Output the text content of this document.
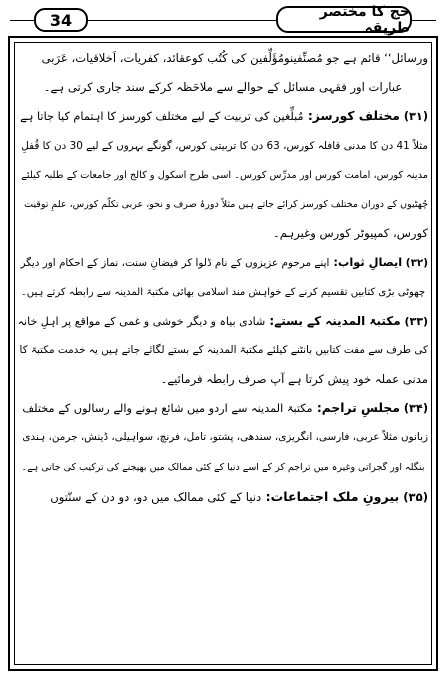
34	حج کا مختصر طریقہ
ورسائل‘‘ قائم ہے جو مُصنِّفینومُؤَلِّفین کی کُتُب کوعقائد، کفریات، اَخلاقیات، عَرَبی
عبارات اور فقہی مسائل کے حوالے سے ملاحَظہ کرکے سند جاری کرتی ہے۔
(۳۱) مختلف کورسز: مُبلِّغین کی تربیت کے لیے مختلف کورسز کا اہتمام کیا جاتا ہے
مثلاً 41 دن کا مدنی قافلہ کورس، 63 دن کا تربیتی کورس، گونگے بہروں کے لیے 30 دن کا قُفلِ
مدینہ کورس، امامت کورس اور مدرِّس کورس۔ اسی طرح اسکول و کالج اور جامعات کے طلبہ کیلئے
چُھٹیوں کے دوران مختلف کورسز کرائے جاتے ہیں مثلاً دورۂ صرف و نحو، عربی تکلّم کورس، علمِ توقیت
کورس، کمپیوٹر کورس وغیرہم۔
(۳۲) ایصالِ ثواب: اپنے مرحوم عزیزوں کے نام ڈلوا کر فیضانِ سنت، نماز کے احکام اور دیگر
چھوٹی بڑی کتابیں تقسیم کرنے کے خواہش مند اسلامی بھائی مکتبۃ المدینہ سے رابطہ کرتے ہیں۔
(۳۳) مکتبۃ المدینہ کے بستے: شادی بیاہ و دیگر خوشی و غمی کے مواقع پر اہلِ خانہ
کی طرف سے مفت کتابیں بانٹنے کیلئے مکتبۃ المدینہ کے بستے لگائے جاتے ہیں یہ خدمت مکتبۃ کا
مدنی عملہ خود پیش کرتا ہے آپ صرف رابطہ فرمائیے۔
(۳۴) مجلسِ تراجم: مکتبۃ المدینہ سے اردو میں شائع ہونے والے رسالوں کے مختلف
زبانوں مثلاً عربی، فارسی، انگریزی، سندھی، پشتو، تامل، فرنچ، سواہیلی، ڈینش، جرمن، ہندی
بنگلہ اور گجراتی وغیرہ میں تراجم کر کے اسے دنیا کے کئی ممالک میں بھیجنے کی ترکیب کی جاتی ہے۔
(۳۵) بیرونِ ملک اجتماعات: دنیا کے کئی ممالک میں دو، دو دن کے سنّتوں
